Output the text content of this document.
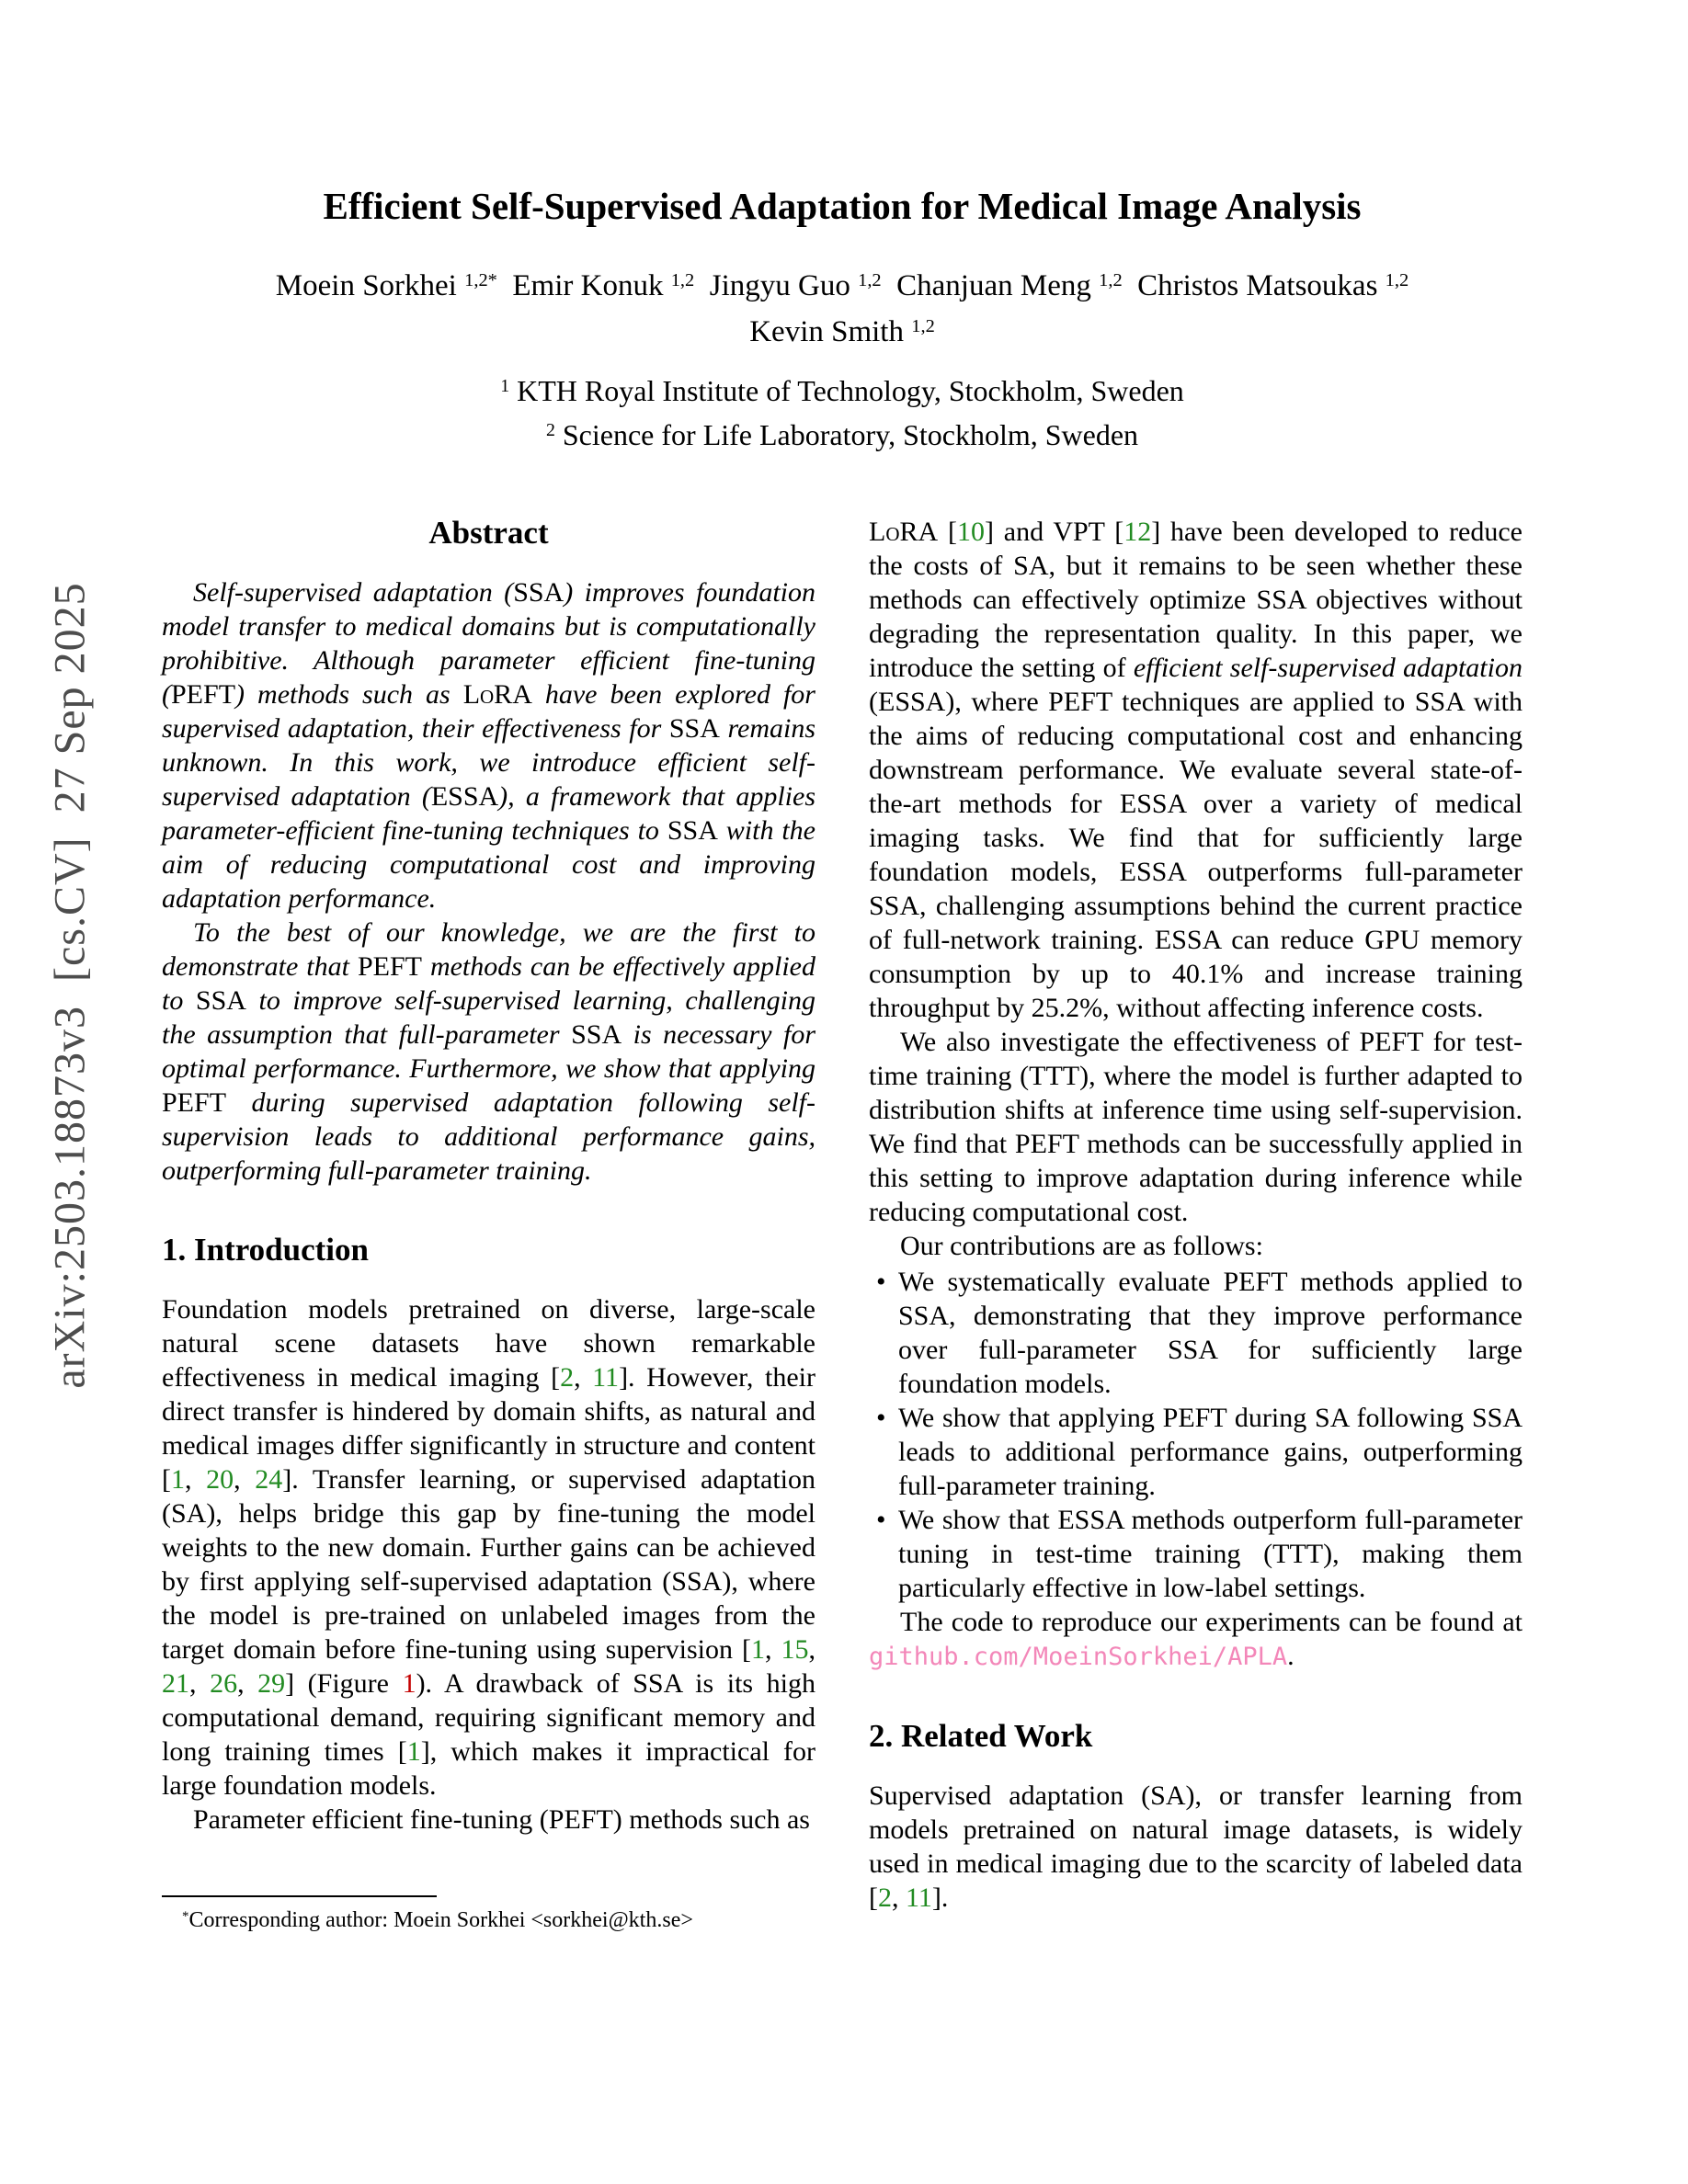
arXiv:2503.18873v3  [cs.CV]  27 Sep 2025
Efficient Self-Supervised Adaptation for Medical Image Analysis
Moein Sorkhei $^{1,2*}$  Emir Konuk $^{1,2}$  Jingyu Guo $^{1,2}$  Chanjuan Meng $^{1,2}$  Christos Matsoukas $^{1,2}$
Kevin Smith $^{1,2}$
$^1$ KTH Royal Institute of Technology, Stockholm, Sweden
$^2$ Science for Life Laboratory, Stockholm, Sweden
Abstract

Self-supervised adaptation (SSA) improves foundation model transfer to medical domains but is computationally prohibitive. Although parameter efficient fine-tuning (PEFT) methods such as LoRA have been explored for supervised adaptation, their effectiveness for SSA remains unknown. In this work, we introduce efficient self-supervised adaptation (ESSA), a framework that applies parameter-efficient fine-tuning techniques to SSA with the aim of reducing computational cost and improving adaptation performance.

To the best of our knowledge, we are the first to demonstrate that PEFT methods can be effectively applied to SSA to improve self-supervised learning, challenging the assumption that full-parameter SSA is necessary for optimal performance. Furthermore, we show that applying PEFT during supervised adaptation following self-supervision leads to additional performance gains, outperforming full-parameter training.

1. Introduction

Foundation models pretrained on diverse, large-scale natural scene datasets have shown remarkable effectiveness in medical imaging [2, 11]. However, their direct transfer is hindered by domain shifts, as natural and medical images differ significantly in structure and content [1, 20, 24]. Transfer learning, or supervised adaptation (SA), helps bridge this gap by fine-tuning the model weights to the new domain. Further gains can be achieved by first applying self-supervised adaptation (SSA), where the model is pre-trained on unlabeled images from the target domain before fine-tuning using supervision [1, 15, 21, 26, 29] (Figure 1). A drawback of SSA is its high computational demand, requiring significant memory and long training times [1], which makes it impractical for large foundation models.

Parameter efficient fine-tuning (PEFT) methods such as

*Corresponding author: Moein Sorkhei <sorkhei@kth.se>

LoRA [10] and VPT [12] have been developed to reduce the costs of SA, but it remains to be seen whether these methods can effectively optimize SSA objectives without degrading the representation quality. In this paper, we introduce the setting of efficient self-supervised adaptation (ESSA), where PEFT techniques are applied to SSA with the aims of reducing computational cost and enhancing downstream performance. We evaluate several state-of-the-art methods for ESSA over a variety of medical imaging tasks. We find that for sufficiently large foundation models, ESSA outperforms full-parameter SSA, challenging assumptions behind the current practice of full-network training. ESSA can reduce GPU memory consumption by up to 40.1% and increase training throughput by 25.2%, without affecting inference costs.

We also investigate the effectiveness of PEFT for test-time training (TTT), where the model is further adapted to distribution shifts at inference time using self-supervision. We find that PEFT methods can be successfully applied in this setting to improve adaptation during inference while reducing computational cost.

Our contributions are as follows:

• We systematically evaluate PEFT methods applied to SSA, demonstrating that they improve performance over full-parameter SSA for sufficiently large foundation models.
• We show that applying PEFT during SA following SSA leads to additional performance gains, outperforming full-parameter training.
• We show that ESSA methods outperform full-parameter tuning in test-time training (TTT), making them particularly effective in low-label settings.

The code to reproduce our experiments can be found at github.com/MoeinSorkhei/APLA.

2. Related Work

Supervised adaptation (SA), or transfer learning from models pretrained on natural image datasets, is widely used in medical imaging due to the scarcity of labeled data [2, 11].
